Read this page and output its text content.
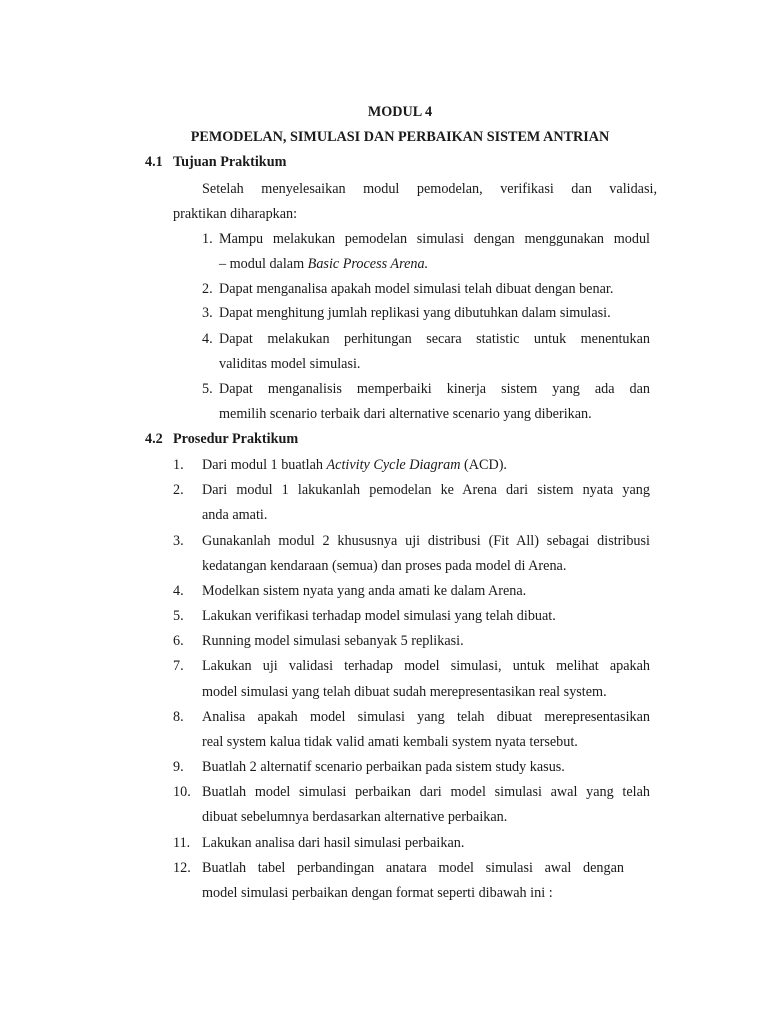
MODUL 4
PEMODELAN, SIMULASI DAN PERBAIKAN SISTEM ANTRIAN
4.1 Tujuan Praktikum
Setelah menyelesaikan modul pemodelan, verifikasi dan validasi,
praktikan diharapkan:
1. Mampu melakukan pemodelan simulasi dengan menggunakan modul
– modul dalam Basic Process Arena.
2. Dapat menganalisa apakah model simulasi telah dibuat dengan benar.
3. Dapat menghitung jumlah replikasi yang dibutuhkan dalam simulasi.
4. Dapat melakukan perhitungan secara statistic untuk menentukan
validitas model simulasi.
5. Dapat menganalisis memperbaiki kinerja sistem yang ada dan
memilih scenario terbaik dari alternative scenario yang diberikan.
4.2 Prosedur Praktikum
1. Dari modul 1 buatlah Activity Cycle Diagram (ACD).
2. Dari modul 1 lakukanlah pemodelan ke Arena dari sistem nyata yang
anda amati.
3. Gunakanlah modul 2 khususnya uji distribusi (Fit All) sebagai distribusi
kedatangan kendaraan (semua) dan proses pada model di Arena.
4. Modelkan sistem nyata yang anda amati ke dalam Arena.
5. Lakukan verifikasi terhadap model simulasi yang telah dibuat.
6. Running model simulasi sebanyak 5 replikasi.
7. Lakukan uji validasi terhadap model simulasi, untuk melihat apakah
model simulasi yang telah dibuat sudah merepresentasikan real system.
8. Analisa apakah model simulasi yang telah dibuat merepresentasikan
real system kalua tidak valid amati kembali system nyata tersebut.
9. Buatlah 2 alternatif scenario perbaikan pada sistem study kasus.
10. Buatlah model simulasi perbaikan dari model simulasi awal yang telah
dibuat sebelumnya berdasarkan alternative perbaikan.
11. Lakukan analisa dari hasil simulasi perbaikan.
12. Buatlah tabel perbandingan anatara model simulasi awal dengan
model simulasi perbaikan dengan format seperti dibawah ini :
